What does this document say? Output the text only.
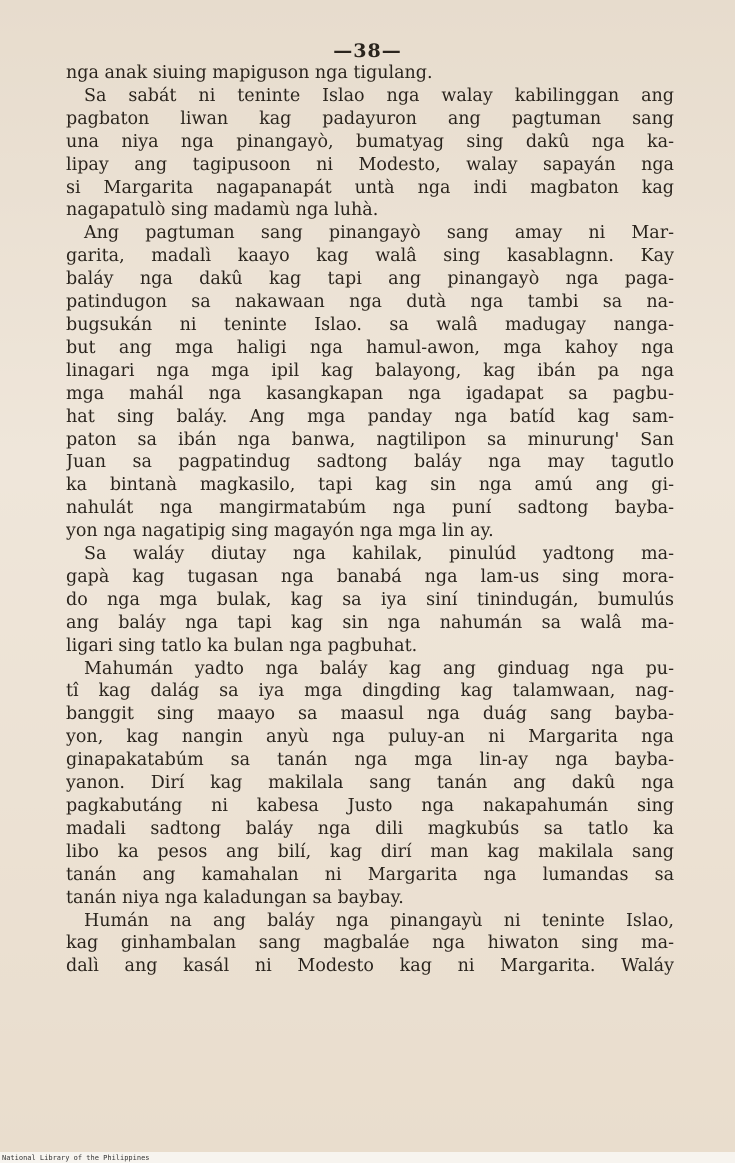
—38—
nga anak siuing mapiguson nga tigulang.
Sa sabát ni teninte Islao nga walay kabilinggan ang
pagbaton liwan kag padayuron ang pagtuman sang
una niya nga pinangayò, bumatyag sing dakû nga ka-
lipay ang tagipusoon ni Modesto, walay sapayán nga
si Margarita nagapanapát untà nga indi magbaton kag
nagapatulò sing madamù nga luhà.
Ang pagtuman sang pinangayò sang amay ni Mar-
garita, madalì kaayo kag walâ sing kasablagnn. Kay
baláy nga dakû kag tapi ang pinangayò nga paga-
patindugon sa nakawaan nga dutà nga tambi sa na-
bugsukán ni teninte Islao. sa walâ madugay nanga-
but ang mga haligi nga hamul-awon, mga kahoy nga
linagari nga mga ipil kag balayong, kag ibán pa nga
mga mahál nga kasangkapan nga igadapat sa pagbu-
hat sing baláy. Ang mga panday nga batíd kag sam-
paton sa ibán nga banwa, nagtilipon sa minurung' San
Juan sa pagpatindug sadtong baláy nga may tagutlo
ka bintanà magkasilo, tapi kag sin nga amú ang gi-
nahulát nga mangirmatabúm nga puní sadtong bayba-
yon nga nagatipig sing magayón nga mga lin ay.
Sa waláy diutay nga kahilak, pinulúd yadtong ma-
gapà kag tugasan nga banabá nga lam-us sing mora-
do nga mga bulak, kag sa iya siní tinindugán, bumulús
ang baláy nga tapi kag sin nga nahumán sa walâ ma-
ligari sing tatlo ka bulan nga pagbuhat.
Mahumán yadto nga baláy kag ang ginduag nga pu-
tî kag dalág sa iya mga dingding kag talamwaan, nag-
banggit sing maayo sa maasul nga duág sang bayba-
yon, kag nangin anyù nga puluy-an ni Margarita nga
ginapakatabúm sa tanán nga mga lin-ay nga bayba-
yanon. Dirí kag makilala sang tanán ang dakû nga
pagkabutáng ni kabesa Justo nga nakapahumán sing
madali sadtong baláy nga dili magkubús sa tatlo ka
libo ka pesos ang bilí, kag dirí man kag makilala sang
tanán ang kamahalan ni Margarita nga lumandas sa
tanán niya nga kaladungan sa baybay.
Humán na ang baláy nga pinangayù ni teninte Islao,
kag ginhambalan sang magbaláe nga hiwaton sing ma-
dalì ang kasál ni Modesto kag ni Margarita. Waláy
National Library of the Philippines
